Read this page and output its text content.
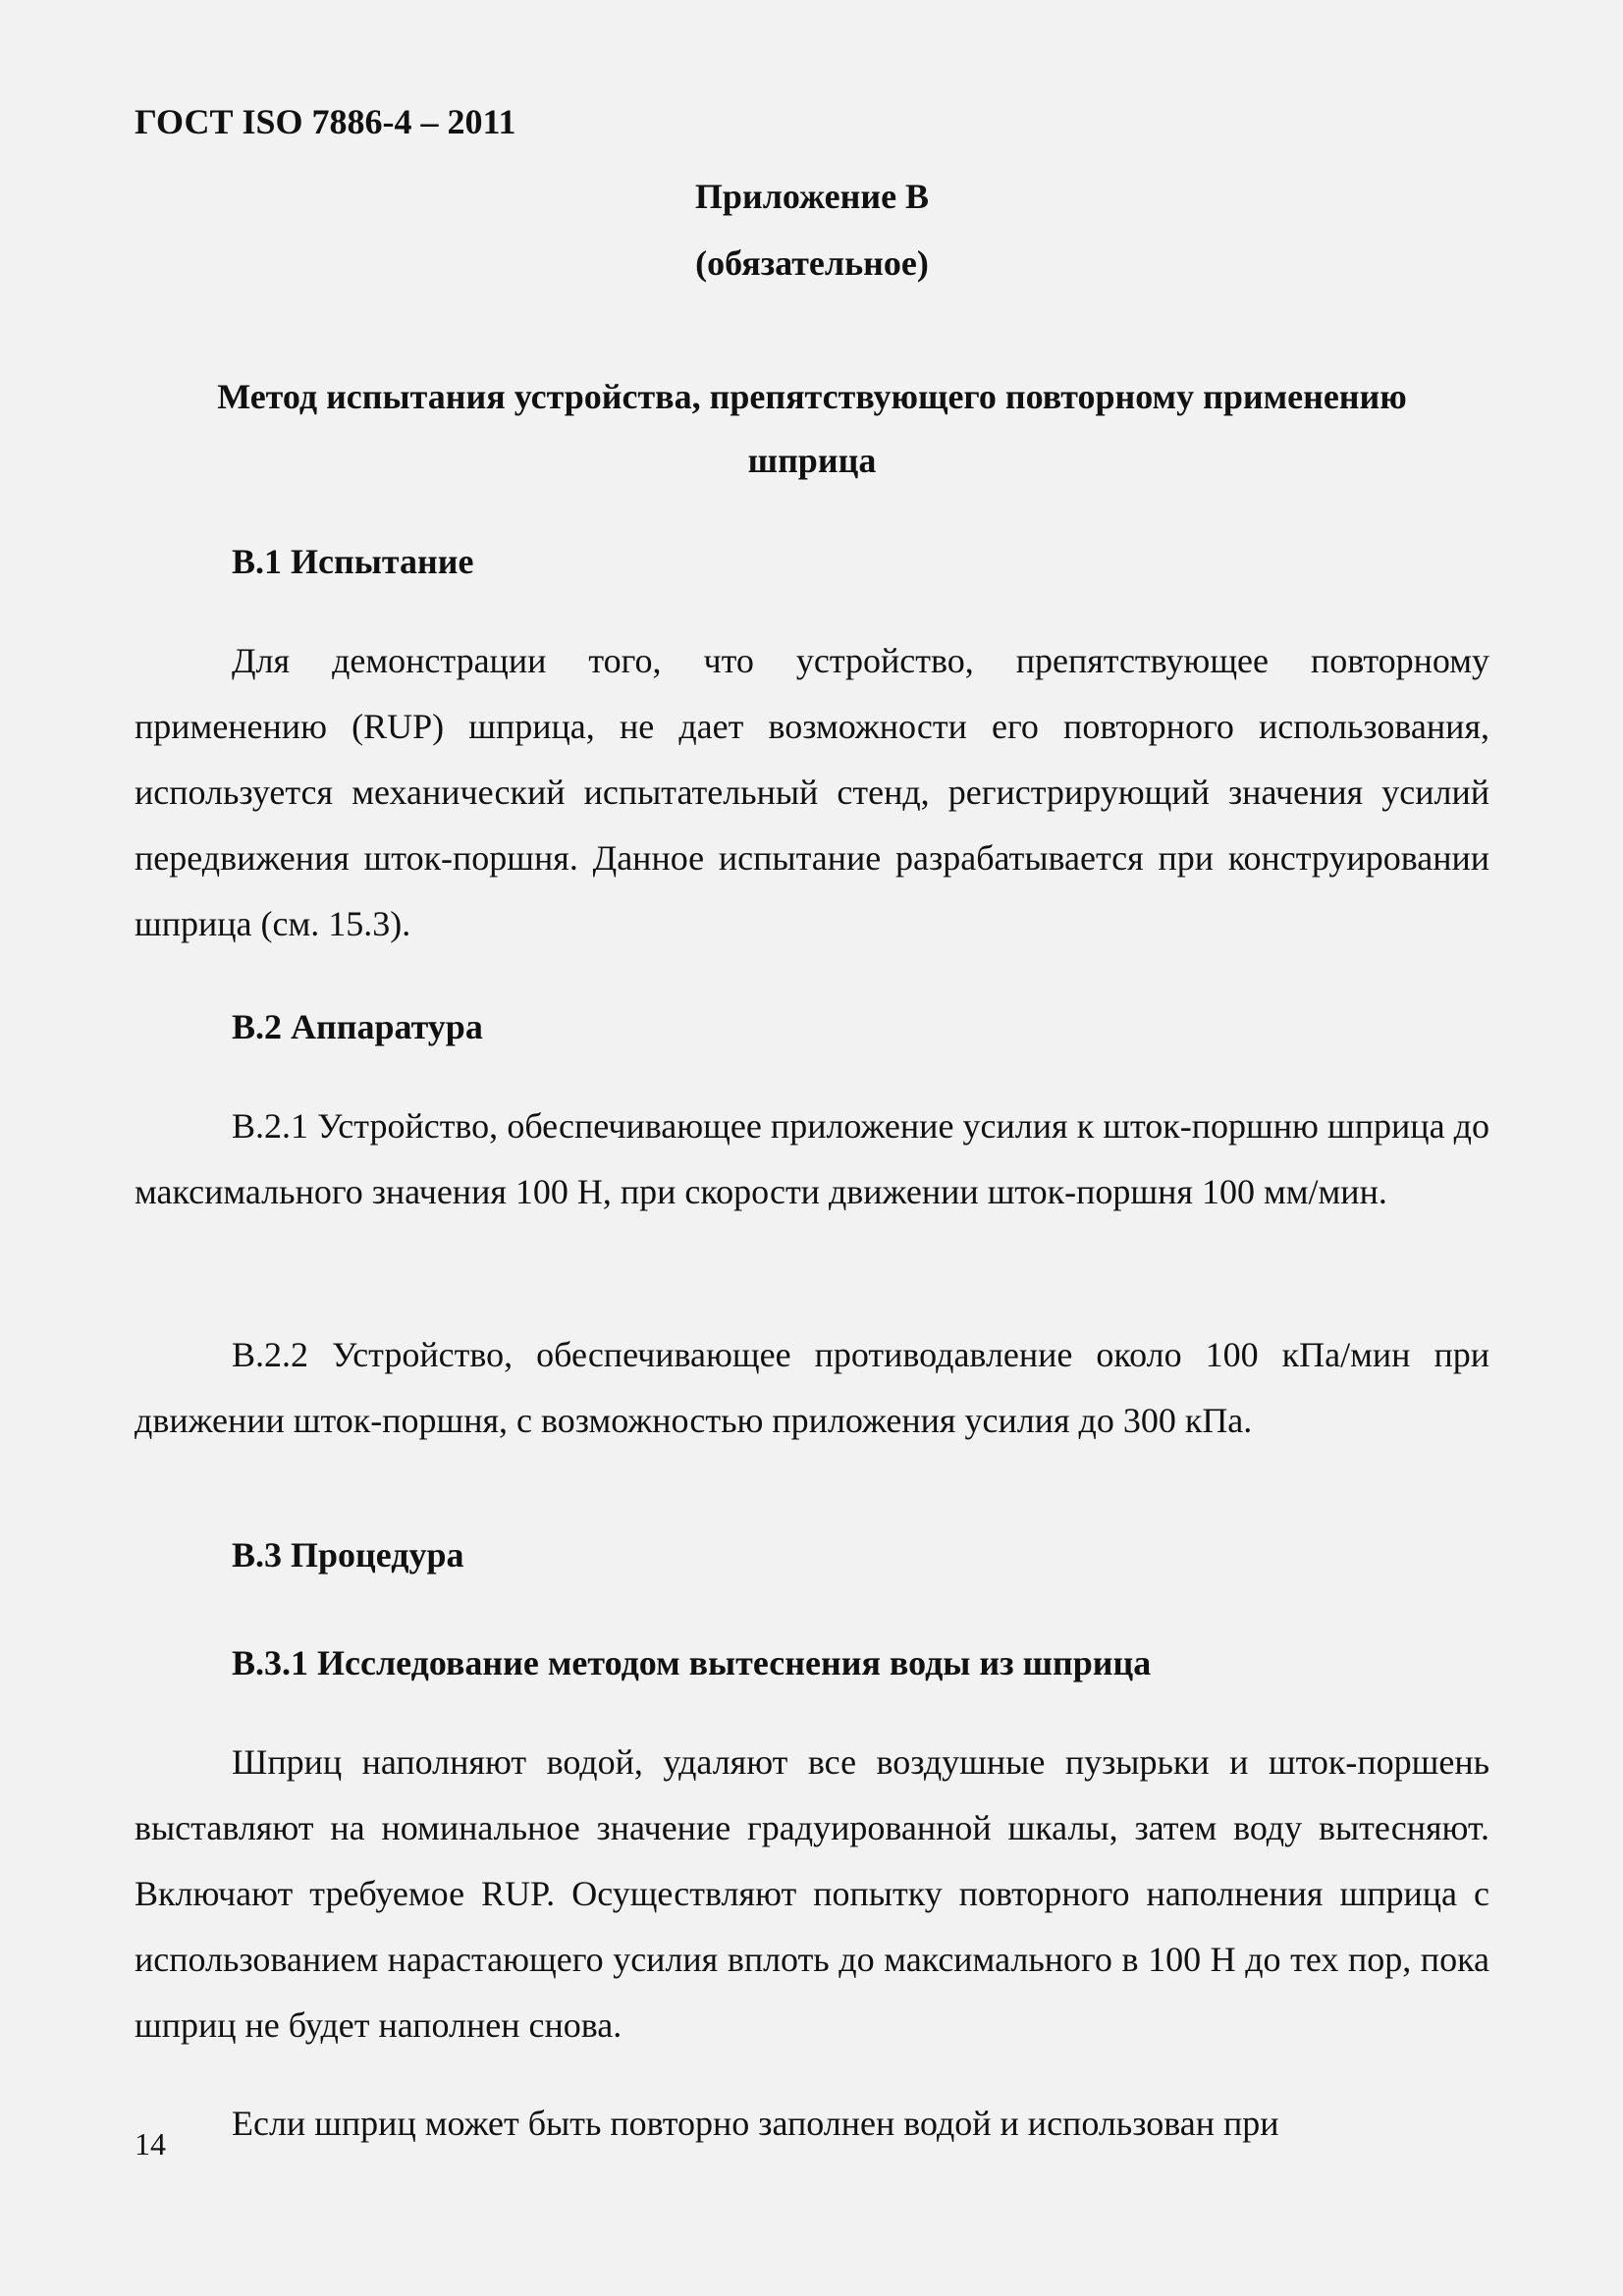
ГОСТ ISO 7886-4 – 2011
Приложение В
(обязательное)
Метод испытания устройства, препятствующего повторному применению
шприца
В.1 Испытание

Для демонстрации того, что устройство, препятствующее повторному применению (RUP) шприца, не дает возможности его повторного использования, используется механический испытательный стенд, регистрирующий значения усилий передвижения шток-поршня. Данное испытание разрабатывается при конструировании шприца (см. 15.3).

В.2 Аппаратура

В.2.1 Устройство, обеспечивающее приложение усилия к шток-поршню шприца до максимального значения 100 Н, при скорости движении шток-поршня 100 мм/мин.

В.2.2 Устройство, обеспечивающее противодавление около 100 кПа/мин при движении шток-поршня, с возможностью приложения усилия до 300 кПа.

В.3 Процедура
В.3.1 Исследование методом вытеснения воды из шприца

Шприц наполняют водой, удаляют все воздушные пузырьки и шток-поршень выставляют на номинальное значение градуированной шкалы, затем воду вытесняют. Включают требуемое RUP. Осуществляют попытку повторного наполнения шприца с использованием нарастающего усилия вплоть до максимального в 100 Н до тех пор, пока шприц не будет наполнен снова.

Если шприц может быть повторно заполнен водой и использован при

14
